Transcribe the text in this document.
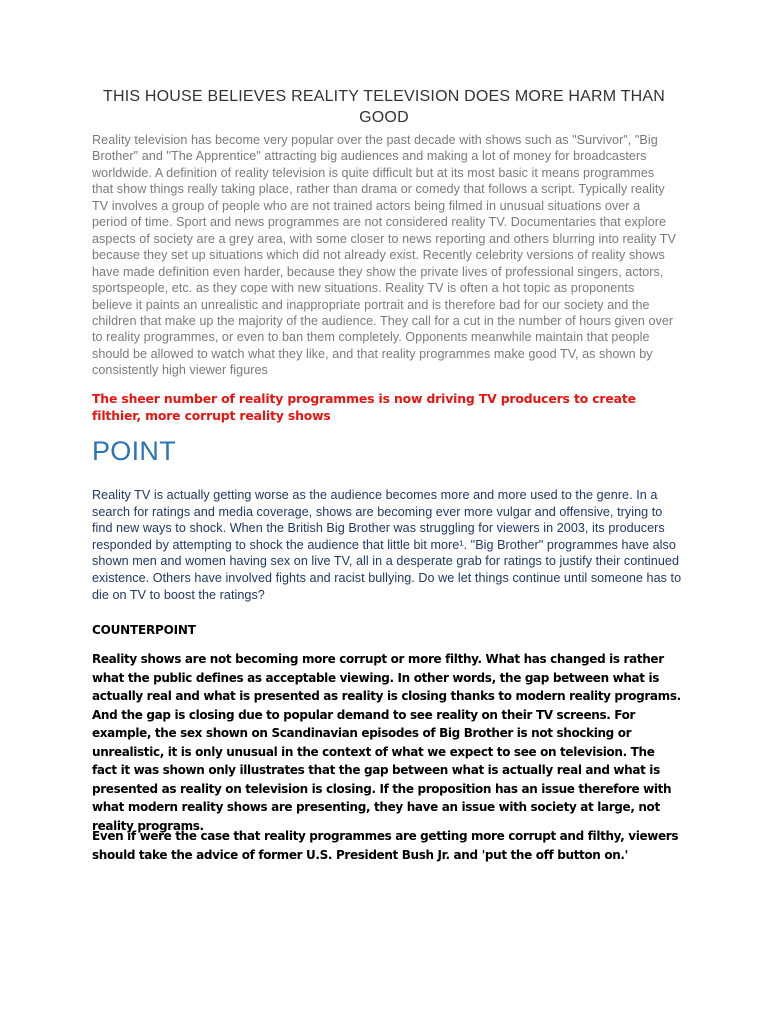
THIS HOUSE BELIEVES REALITY TELEVISION DOES MORE HARM THAN GOOD

Reality television has become very popular over the past decade with shows such as "Survivor", "Big Brother" and "The Apprentice" attracting big audiences and making a lot of money for broadcasters worldwide. A definition of reality television is quite difficult but at its most basic it means programmes that show things really taking place, rather than drama or comedy that follows a script. Typically reality TV involves a group of people who are not trained actors being filmed in unusual situations over a period of time. Sport and news programmes are not considered reality TV. Documentaries that explore aspects of society are a grey area, with some closer to news reporting and others blurring into reality TV because they set up situations which did not already exist. Recently celebrity versions of reality shows have made definition even harder, because they show the private lives of professional singers, actors, sportspeople, etc. as they cope with new situations. Reality TV is often a hot topic as proponents believe it paints an unrealistic and inappropriate portrait and is therefore bad for our society and the children that make up the majority of the audience. They call for a cut in the number of hours given over to reality programmes, or even to ban them completely. Opponents meanwhile maintain that people should be allowed to watch what they like, and that reality programmes make good TV, as shown by consistently high viewer figures

The sheer number of reality programmes is now driving TV producers to create filthier, more corrupt reality shows

POINT

Reality TV is actually getting worse as the audience becomes more and more used to the genre. In a search for ratings and media coverage, shows are becoming ever more vulgar and offensive, trying to find new ways to shock. When the British Big Brother was struggling for viewers in 2003, its producers responded by attempting to shock the audience that little bit more¹. "Big Brother" programmes have also shown men and women having sex on live TV, all in a desperate grab for ratings to justify their continued existence. Others have involved fights and racist bullying. Do we let things continue until someone has to die on TV to boost the ratings?

COUNTERPOINT

Reality shows are not becoming more corrupt or more filthy. What has changed is rather what the public defines as acceptable viewing. In other words, the gap between what is actually real and what is presented as reality is closing thanks to modern reality programs. And the gap is closing due to popular demand to see reality on their TV screens. For example, the sex shown on Scandinavian episodes of Big Brother is not shocking or unrealistic, it is only unusual in the context of what we expect to see on television. The fact it was shown only illustrates that the gap between what is actually real and what is presented as reality on television is closing. If the proposition has an issue therefore with what modern reality shows are presenting, they have an issue with society at large, not reality programs.

Even if were the case that reality programmes are getting more corrupt and filthy, viewers should take the advice of former U.S. President Bush Jr. and 'put the off button on.'
